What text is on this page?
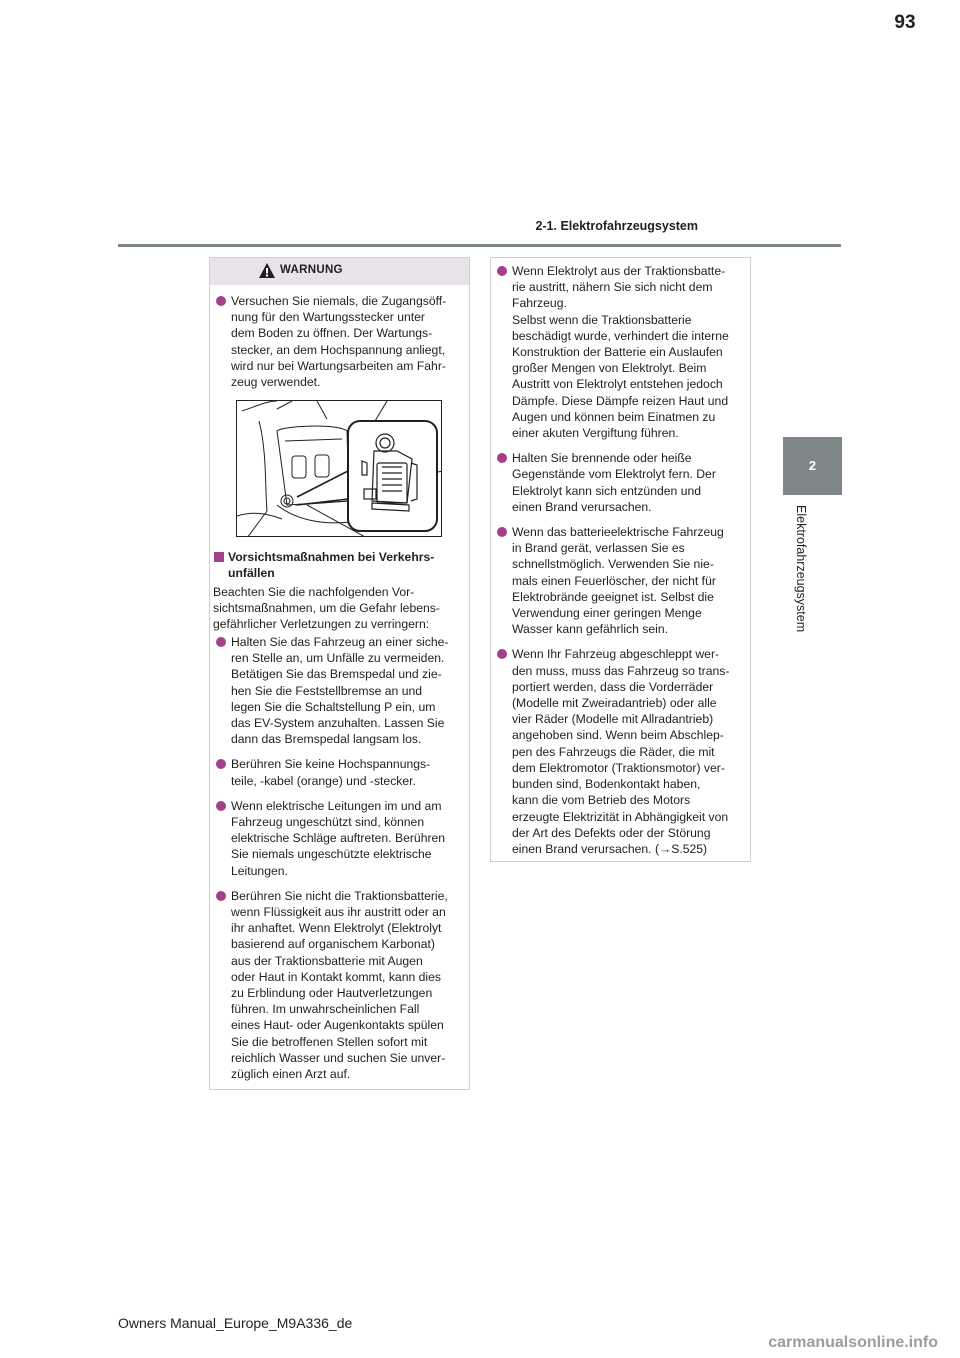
93
2-1. Elektrofahrzeugsystem
2
Elektrofahrzeugsystem
WARNUNG
Versuchen Sie niemals, die Zugangsöff-
nung für den Wartungsstecker unter
dem Boden zu öffnen. Der Wartungs-
stecker, an dem Hochspannung anliegt,
wird nur bei Wartungsarbeiten am Fahr-
zeug verwendet.
Vorsichtsmaßnahmen bei Verkehrs-
unfällen
Beachten Sie die nachfolgenden Vor-
sichtsmaßnahmen, um die Gefahr lebens-
gefährlicher Verletzungen zu verringern:
Halten Sie das Fahrzeug an einer siche-
ren Stelle an, um Unfälle zu vermeiden.
Betätigen Sie das Bremspedal und zie-
hen Sie die Feststellbremse an und
legen Sie die Schaltstellung P ein, um
das EV-System anzuhalten. Lassen Sie
dann das Bremspedal langsam los.
Berühren Sie keine Hochspannungs-
teile, -kabel (orange) und -stecker.
Wenn elektrische Leitungen im und am
Fahrzeug ungeschützt sind, können
elektrische Schläge auftreten. Berühren
Sie niemals ungeschützte elektrische
Leitungen.
Berühren Sie nicht die Traktionsbatterie,
wenn Flüssigkeit aus ihr austritt oder an
ihr anhaftet. Wenn Elektrolyt (Elektrolyt
basierend auf organischem Karbonat)
aus der Traktionsbatterie mit Augen
oder Haut in Kontakt kommt, kann dies
zu Erblindung oder Hautverletzungen
führen. Im unwahrscheinlichen Fall
eines Haut- oder Augenkontakts spülen
Sie die betroffenen Stellen sofort mit
reichlich Wasser und suchen Sie unver-
züglich einen Arzt auf.
Wenn Elektrolyt aus der Traktionsbatte-
rie austritt, nähern Sie sich nicht dem
Fahrzeug.
Selbst wenn die Traktionsbatterie
beschädigt wurde, verhindert die interne
Konstruktion der Batterie ein Auslaufen
großer Mengen von Elektrolyt. Beim
Austritt von Elektrolyt entstehen jedoch
Dämpfe. Diese Dämpfe reizen Haut und
Augen und können beim Einatmen zu
einer akuten Vergiftung führen.
Halten Sie brennende oder heiße
Gegenstände vom Elektrolyt fern. Der
Elektrolyt kann sich entzünden und
einen Brand verursachen.
Wenn das batterieelektrische Fahrzeug
in Brand gerät, verlassen Sie es
schnellstmöglich. Verwenden Sie nie-
mals einen Feuerlöscher, der nicht für
Elektrobrände geeignet ist. Selbst die
Verwendung einer geringen Menge
Wasser kann gefährlich sein.
Wenn Ihr Fahrzeug abgeschleppt wer-
den muss, muss das Fahrzeug so trans-
portiert werden, dass die Vorderräder
(Modelle mit Zweiradantrieb) oder alle
vier Räder (Modelle mit Allradantrieb)
angehoben sind. Wenn beim Abschlep-
pen des Fahrzeugs die Räder, die mit
dem Elektromotor (Traktionsmotor) ver-
bunden sind, Bodenkontakt haben,
kann die vom Betrieb des Motors
erzeugte Elektrizität in Abhängigkeit von
der Art des Defekts oder der Störung
einen Brand verursachen. (→S.525)
Owners Manual_Europe_M9A336_de
carmanualsonline.info
